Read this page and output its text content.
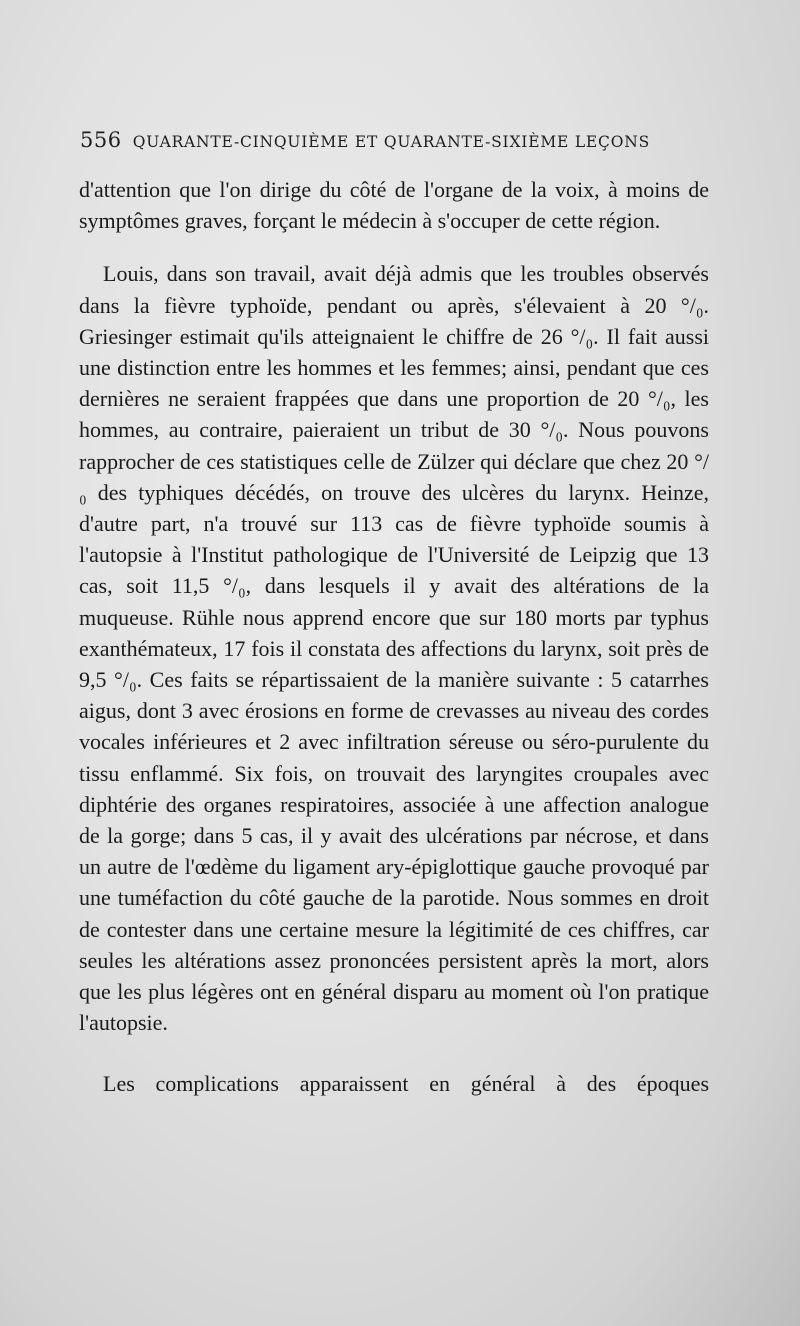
556 QUARANTE-CINQUIÈME ET QUARANTE-SIXIÈME LEÇONS

d'attention que l'on dirige du côté de l'organe de la voix, à moins de symptômes graves, forçant le médecin à s'occuper de cette région.

Louis, dans son travail, avait déjà admis que les troubles observés dans la fièvre typhoïde, pendant ou après, s'élevaient à 20 °/₀. Griesinger estimait qu'ils atteignaient le chiffre de 26 °/₀. Il fait aussi une distinction entre les hommes et les femmes; ainsi, pendant que ces dernières ne seraient frappées que dans une proportion de 20 °/₀, les hommes, au contraire, paieraient un tribut de 30 °/₀. Nous pouvons rapprocher de ces statistiques celle de Zülzer qui déclare que chez 20 °/₀ des typhiques décédés, on trouve des ulcères du larynx. Heinze, d'autre part, n'a trouvé sur 113 cas de fièvre typhoïde soumis à l'autopsie à l'Institut pathologique de l'Université de Leipzig que 13 cas, soit 11,5 °/₀, dans lesquels il y avait des altérations de la muqueuse. Rühle nous apprend encore que sur 180 morts par typhus exanthémateux, 17 fois il constata des affections du larynx, soit près de 9,5 °/₀. Ces faits se répartissaient de la manière suivante : 5 catarrhes aigus, dont 3 avec érosions en forme de crevasses au niveau des cordes vocales inférieures et 2 avec infiltration séreuse ou séro-purulente du tissu enflammé. Six fois, on trouvait des laryngites croupales avec diphtérie des organes respiratoires, associée à une affection analogue de la gorge; dans 5 cas, il y avait des ulcérations par nécrose, et dans un autre de l'œdème du ligament ary-épiglottique gauche provoqué par une tuméfaction du côté gauche de la parotide. Nous sommes en droit de contester dans une certaine mesure la légitimité de ces chiffres, car seules les altérations assez prononcées persistent après la mort, alors que les plus légères ont en général disparu au moment où l'on pratique l'autopsie.

Les complications apparaissent en général à des époques
